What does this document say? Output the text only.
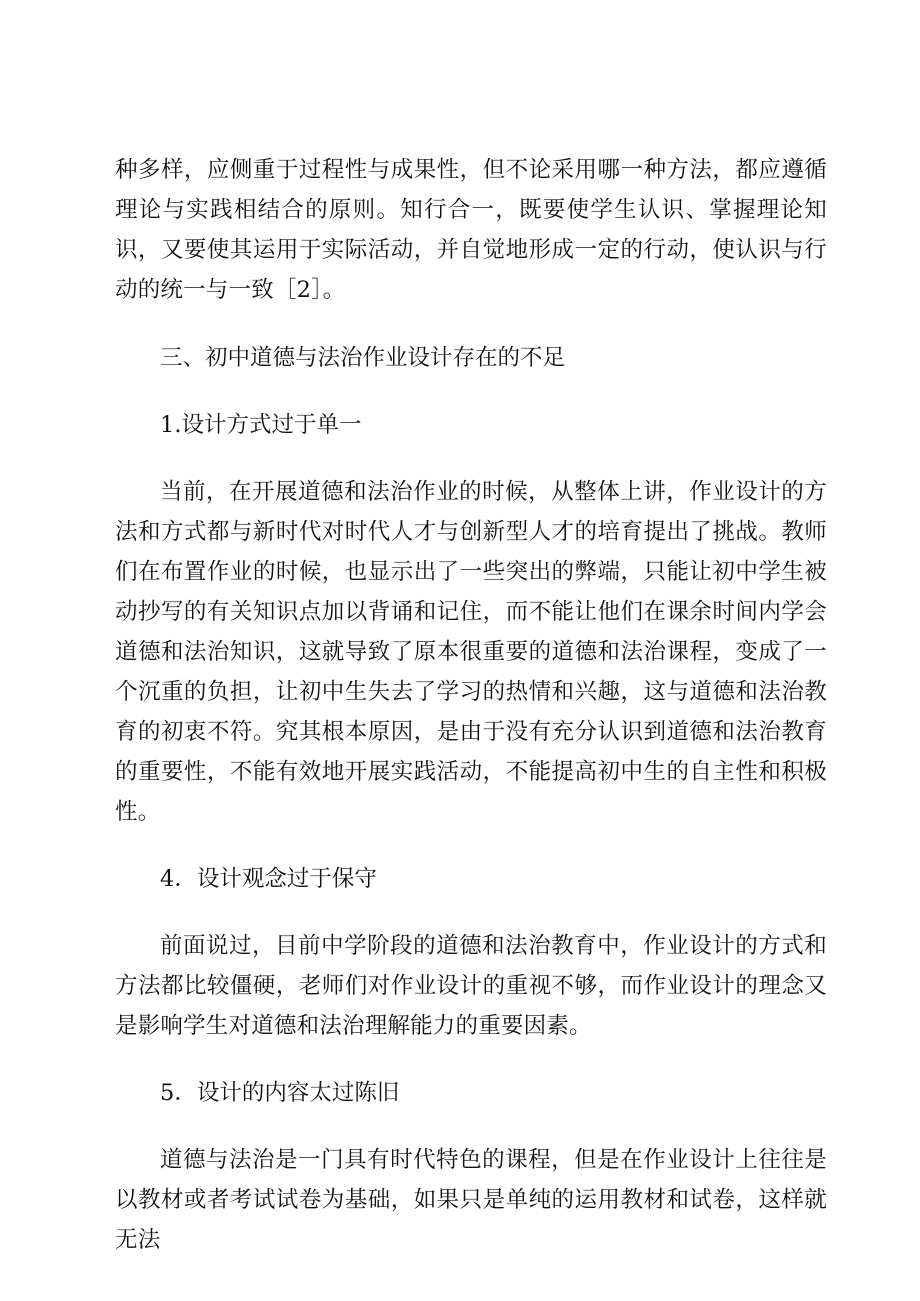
种多样，应侧重于过程性与成果性，但不论采用哪一种方法，都应遵循理论与实践相结合的原则。知行合一，既要使学生认识、掌握理论知识，又要使其运用于实际活动，并自觉地形成一定的行动，使认识与行动的统一与一致［2］。

三、初中道德与法治作业设计存在的不足

1.设计方式过于单一

当前，在开展道德和法治作业的时候，从整体上讲，作业设计的方法和方式都与新时代对时代人才与创新型人才的培育提出了挑战。教师们在布置作业的时候，也显示出了一些突出的弊端，只能让初中学生被动抄写的有关知识点加以背诵和记住，而不能让他们在课余时间内学会道德和法治知识，这就导致了原本很重要的道德和法治课程，变成了一个沉重的负担，让初中生失去了学习的热情和兴趣，这与道德和法治教育的初衷不符。究其根本原因，是由于没有充分认识到道德和法治教育的重要性，不能有效地开展实践活动，不能提高初中生的自主性和积极性。

4．设计观念过于保守

前面说过，目前中学阶段的道德和法治教育中，作业设计的方式和方法都比较僵硬，老师们对作业设计的重视不够，而作业设计的理念又是影响学生对道德和法治理解能力的重要因素。

5．设计的内容太过陈旧

道德与法治是一门具有时代特色的课程，但是在作业设计上往往是以教材或者考试试卷为基础，如果只是单纯的运用教材和试卷，这样就无法
